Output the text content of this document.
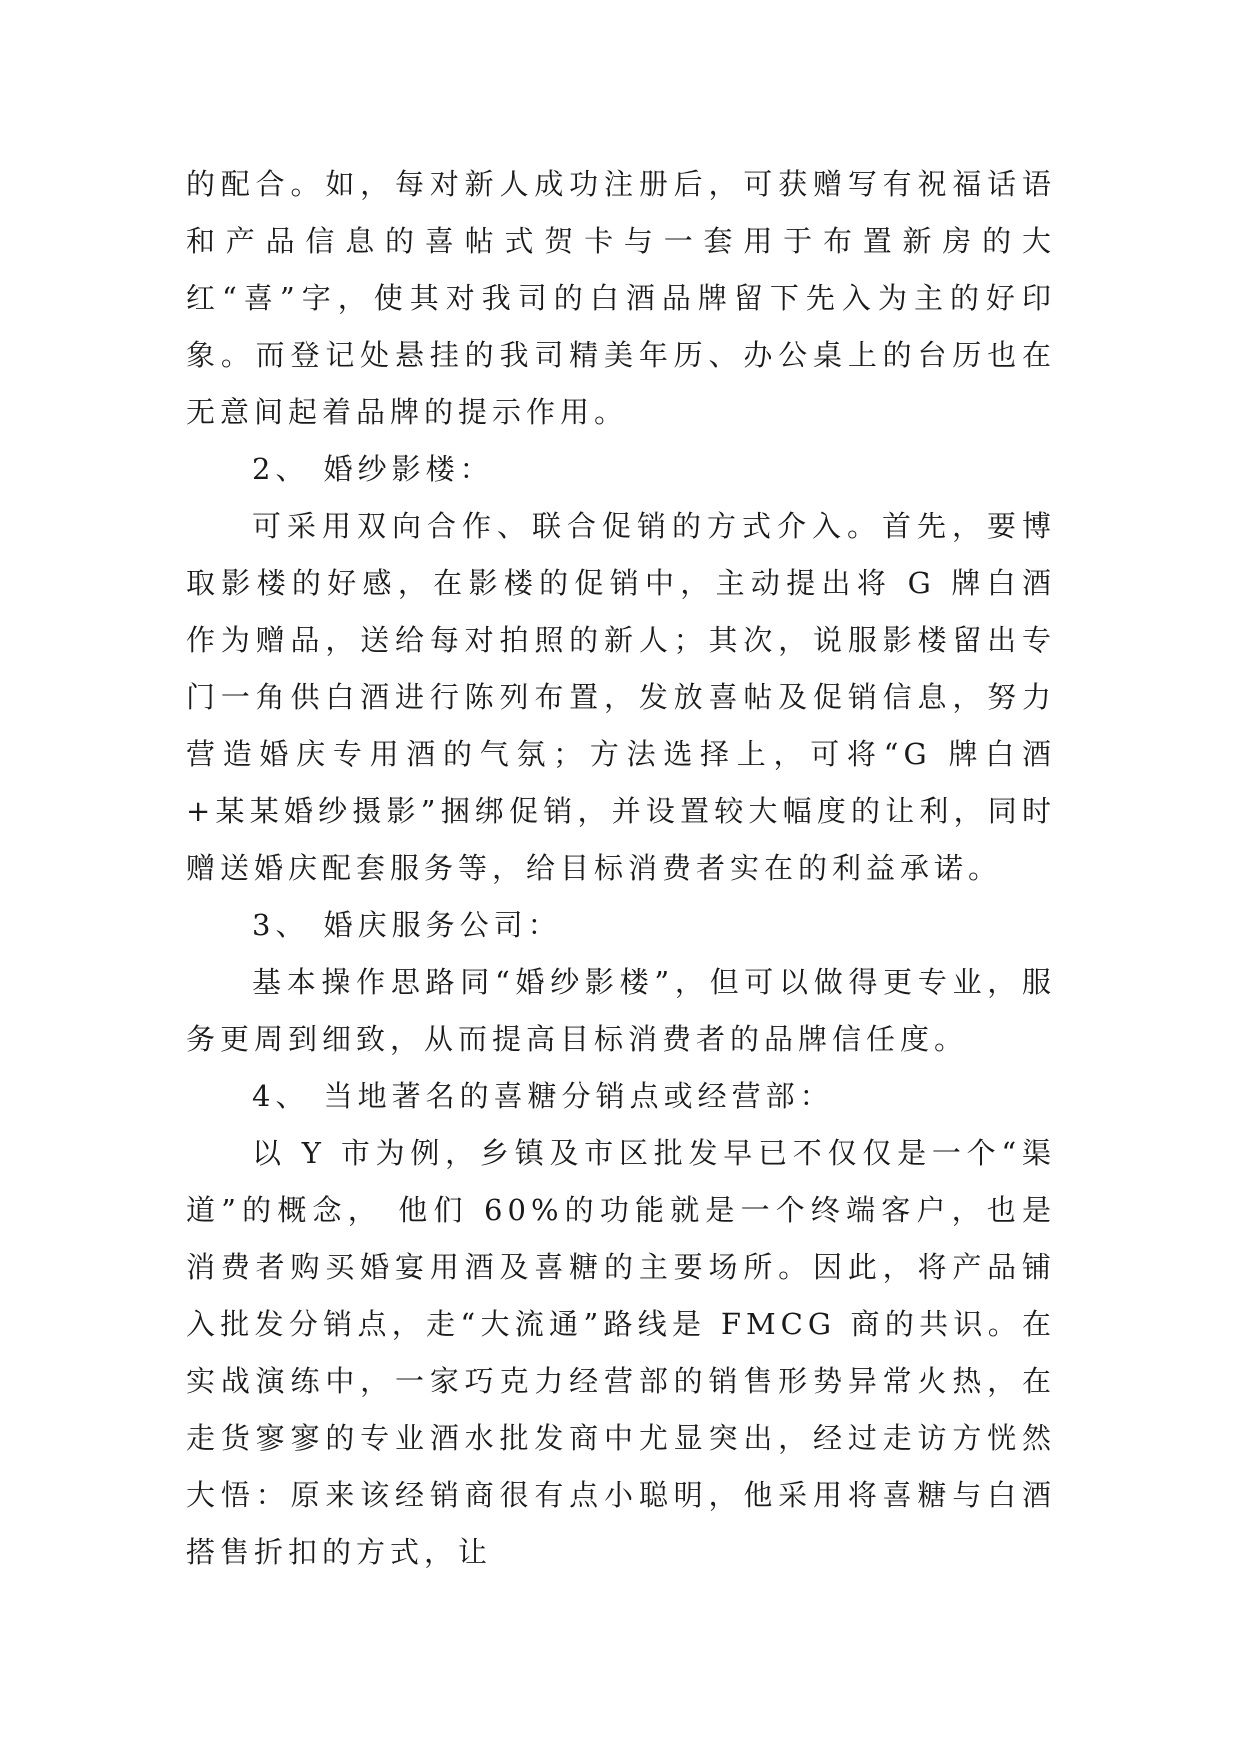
的配合。如，每对新人成功注册后，可获赠写有祝福话语和产品信息的喜帖式贺卡与一套用于布置新房的大红“喜”字，使其对我司的白酒品牌留下先入为主的好印象。而登记处悬挂的我司精美年历、办公桌上的台历也在无意间起着品牌的提示作用。

2、 婚纱影楼：

可采用双向合作、联合促销的方式介入。首先，要博取影楼的好感，在影楼的促销中，主动提出将 G 牌白酒作为赠品，送给每对拍照的新人；其次，说服影楼留出专门一角供白酒进行陈列布置，发放喜帖及促销信息，努力营造婚庆专用酒的气氛；方法选择上，可将“G 牌白酒+某某婚纱摄影”捆绑促销，并设置较大幅度的让利，同时赠送婚庆配套服务等，给目标消费者实在的利益承诺。

3、 婚庆服务公司：

基本操作思路同“婚纱影楼”，但可以做得更专业，服务更周到细致，从而提高目标消费者的品牌信任度。

4、 当地著名的喜糖分销点或经营部：

以 Y 市为例，乡镇及市区批发早已不仅仅是一个“渠道”的概念， 他们 60%的功能就是一个终端客户，也是消费者购买婚宴用酒及喜糖的主要场所。因此，将产品铺入批发分销点，走“大流通”路线是 FMCG 商的共识。在实战演练中，一家巧克力经营部的销售形势异常火热，在走货寥寥的专业酒水批发商中尤显突出，经过走访方恍然大悟：原来该经销商很有点小聪明，他采用将喜糖与白酒搭售折扣的方式，让
